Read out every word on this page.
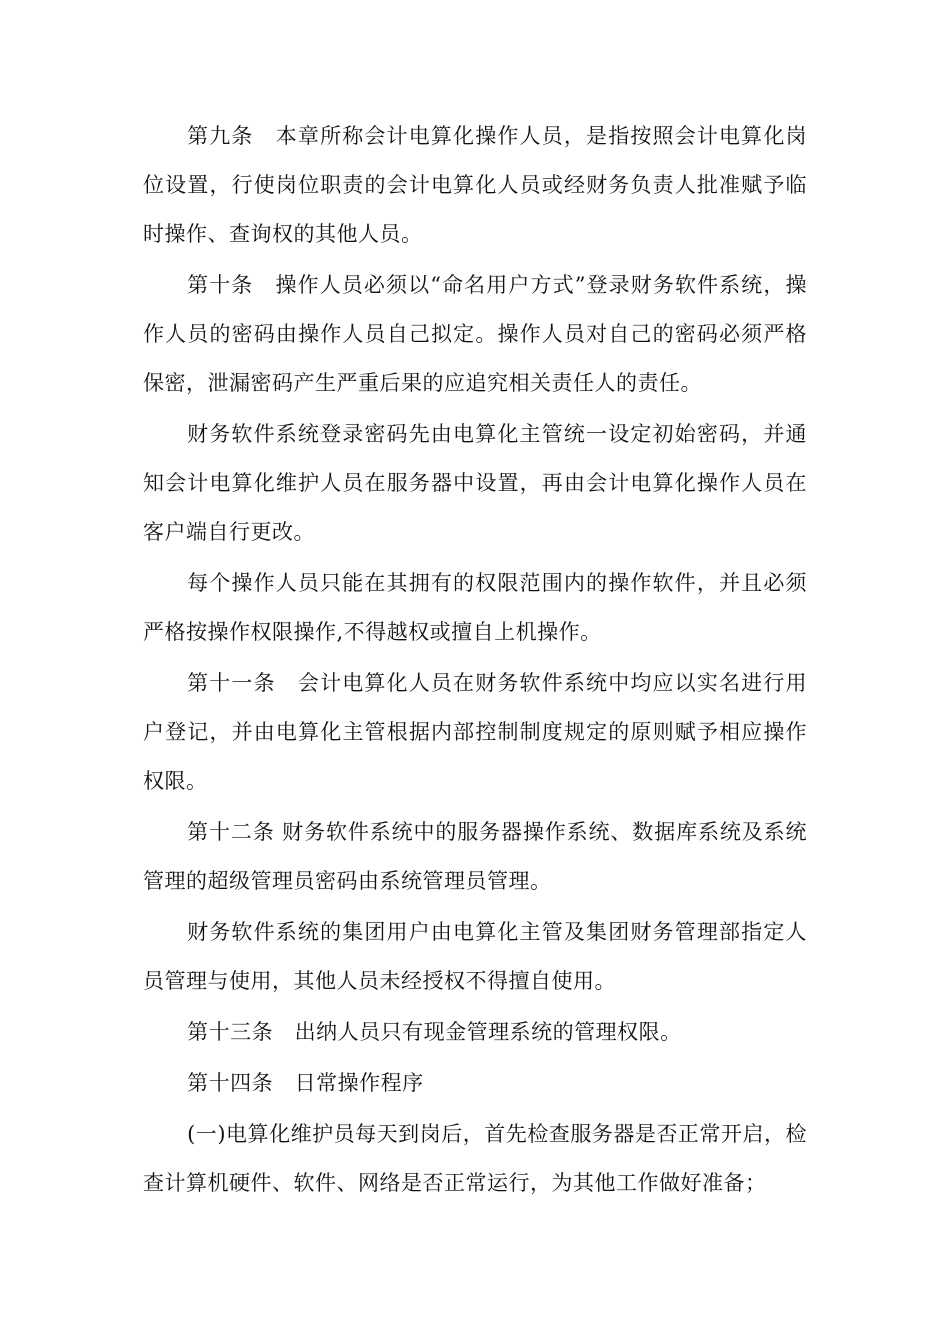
第九条　本章所称会计电算化操作人员，是指按照会计电算化岗位设置，行使岗位职责的会计电算化人员或经财务负责人批准赋予临时操作、查询权的其他人员。

第十条　操作人员必须以“命名用户方式”登录财务软件系统，操作人员的密码由操作人员自己拟定。操作人员对自己的密码必须严格保密，泄漏密码产生严重后果的应追究相关责任人的责任。

财务软件系统登录密码先由电算化主管统一设定初始密码，并通知会计电算化维护人员在服务器中设置，再由会计电算化操作人员在客户端自行更改。

每个操作人员只能在其拥有的权限范围内的操作软件，并且必须严格按操作权限操作,不得越权或擅自上机操作。

第十一条　会计电算化人员在财务软件系统中均应以实名进行用户登记，并由电算化主管根据内部控制制度规定的原则赋予相应操作权限。

第十二条 财务软件系统中的服务器操作系统、数据库系统及系统管理的超级管理员密码由系统管理员管理。

财务软件系统的集团用户由电算化主管及集团财务管理部指定人员管理与使用，其他人员未经授权不得擅自使用。

第十三条　出纳人员只有现金管理系统的管理权限。

第十四条　日常操作程序

(一)电算化维护员每天到岗后，首先检查服务器是否正常开启，检查计算机硬件、软件、网络是否正常运行，为其他工作做好准备；
